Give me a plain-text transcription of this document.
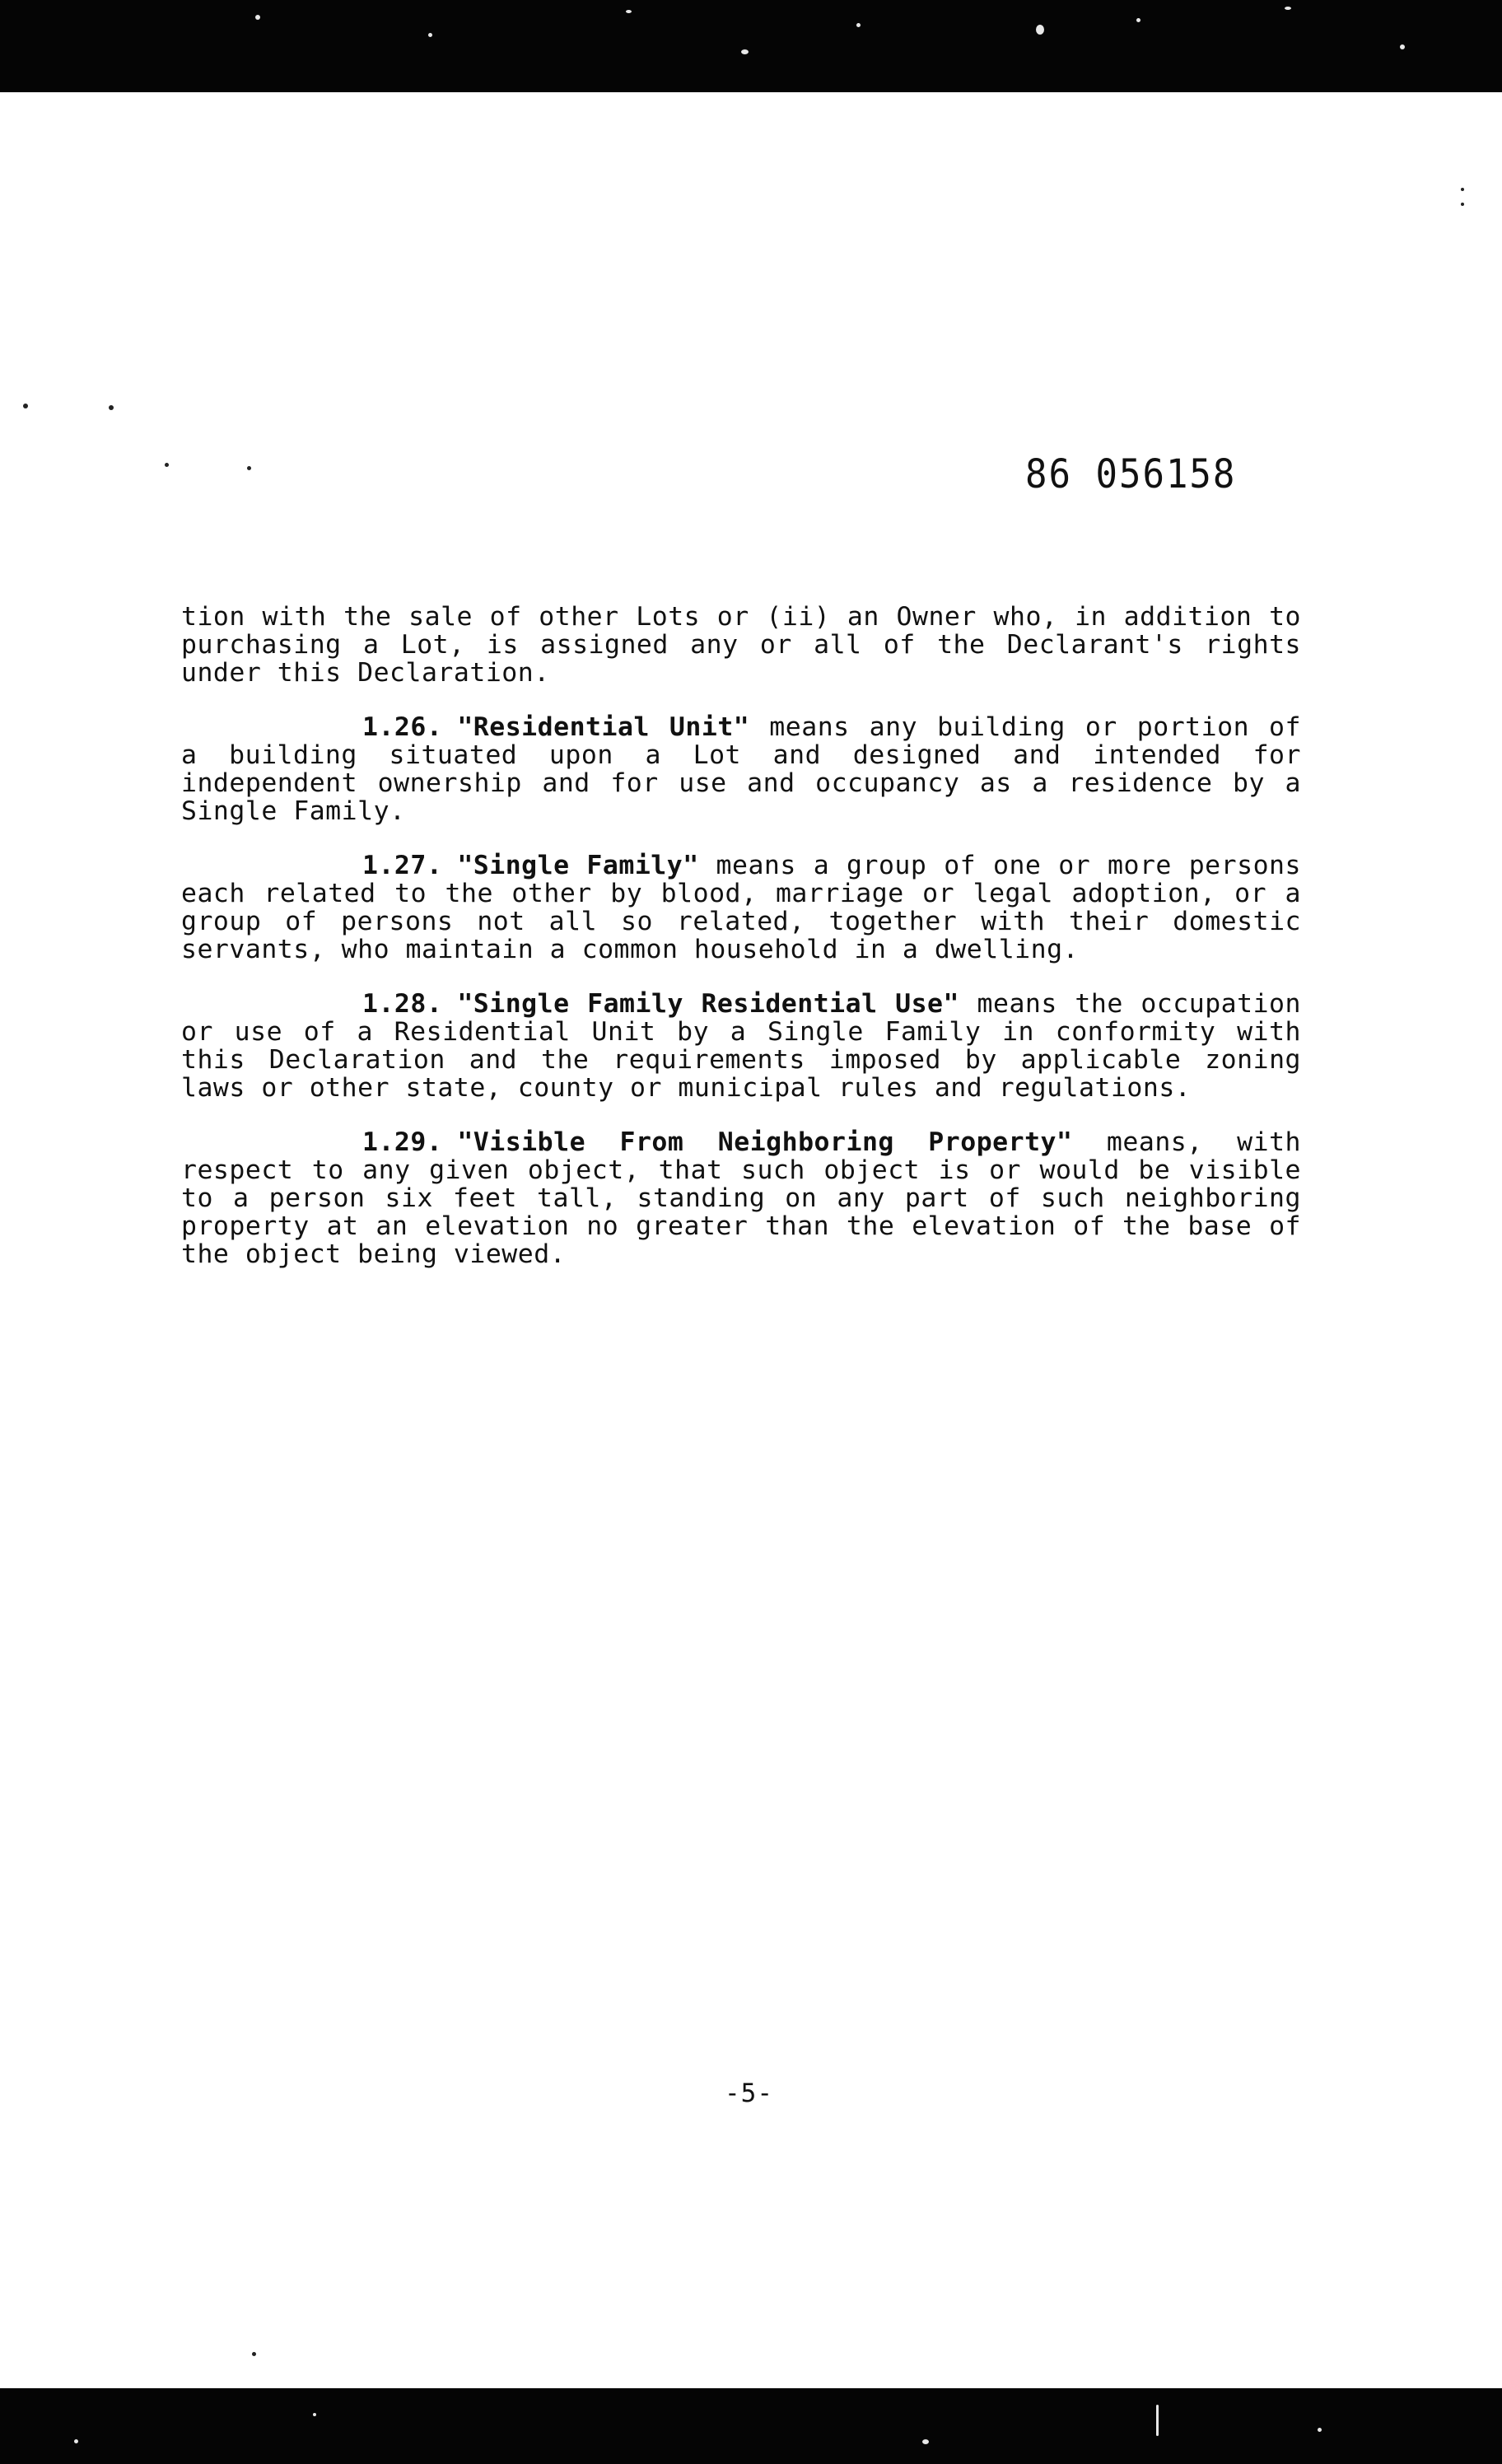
86 056158

tion with the sale of other Lots or (ii) an Owner who, in addition to purchasing a Lot, is assigned any or all of the Declarant's rights under this Declaration.

1.26. "Residential Unit" means any building or portion of a building situated upon a Lot and designed and intended for independent ownership and for use and occupancy as a residence by a Single Family.

1.27. "Single Family" means a group of one or more persons each related to the other by blood, marriage or legal adoption, or a group of persons not all so related, together with their domestic servants, who maintain a common household in a dwelling.

1.28. "Single Family Residential Use" means the occupation or use of a Residential Unit by a Single Family in conformity with this Declaration and the requirements imposed by applicable zoning laws or other state, county or municipal rules and regulations.

1.29. "Visible From Neighboring Property" means, with respect to any given object, that such object is or would be visible to a person six feet tall, standing on any part of such neighboring property at an elevation no greater than the elevation of the base of the object being viewed.

-5-
